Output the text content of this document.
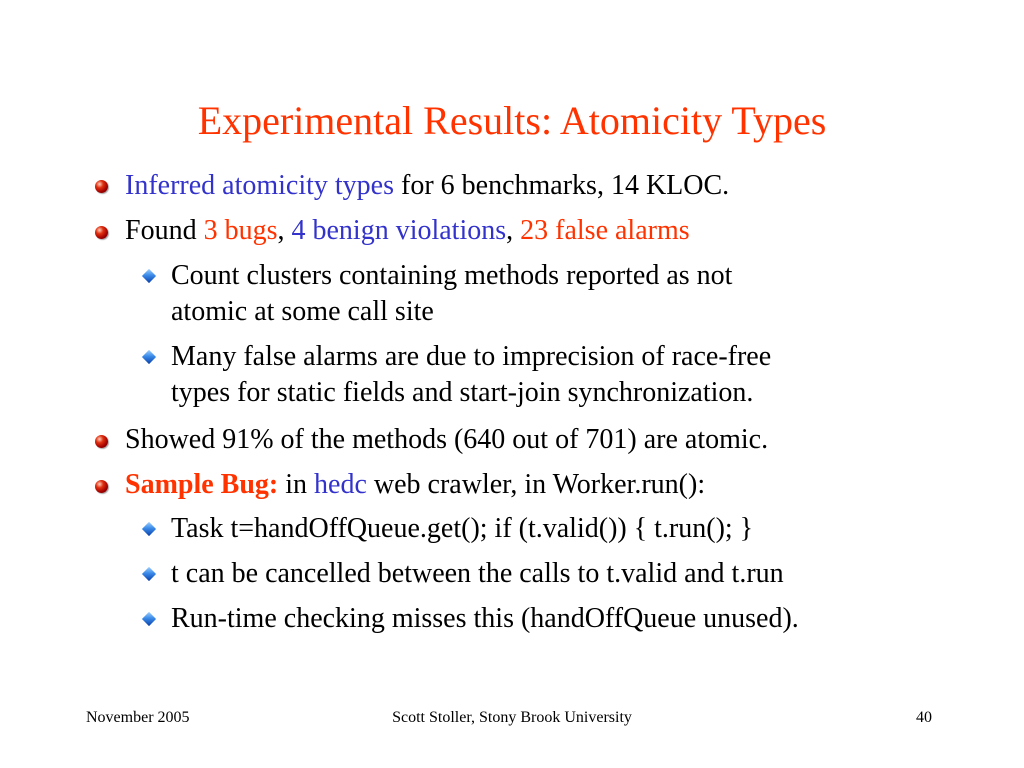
Experimental Results: Atomicity Types
Inferred atomicity types for 6 benchmarks, 14 KLOC.
Found 3 bugs, 4 benign violations, 23 false alarms
Count clusters containing methods reported as not
atomic at some call site
Many false alarms are due to imprecision of race-free
types for static fields and start-join synchronization.
Showed 91% of the methods (640 out of 701) are atomic.
Sample Bug: in hedc web crawler, in Worker.run():
Task t=handOffQueue.get(); if (t.valid()) { t.run(); }
t can be cancelled between the calls to t.valid and t.run
Run-time checking misses this (handOffQueue unused).
November 2005	Scott Stoller, Stony Brook University	40
